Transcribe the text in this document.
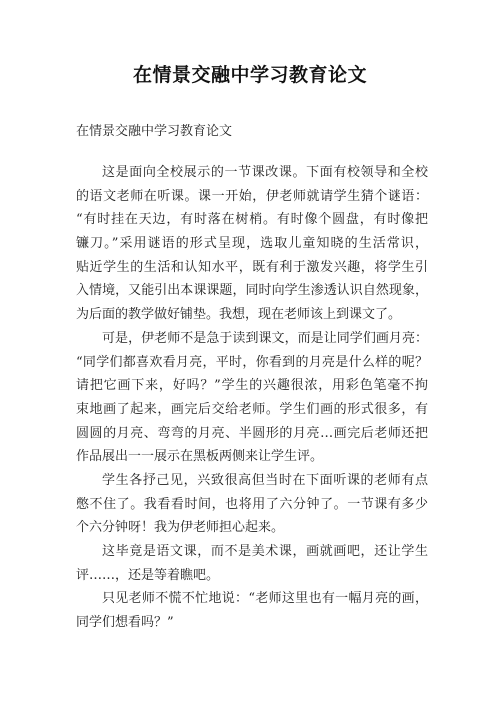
在情景交融中学习教育论文
在情景交融中学习教育论文

这是面向全校展示的一节课改课。下面有校领导和全校
的语文老师在听课。课一开始，伊老师就请学生猜个谜语：
“有时挂在天边，有时落在树梢。有时像个圆盘，有时像把
镰刀。”采用谜语的形式呈现，选取儿童知晓的生活常识，
贴近学生的生活和认知水平，既有利于激发兴趣，将学生引
入情境，又能引出本课课题，同时向学生渗透认识自然现象，
为后面的教学做好铺垫。我想，现在老师该上到课文了。

可是，伊老师不是急于读到课文，而是让同学们画月亮：
“同学们都喜欢看月亮，平时，你看到的月亮是什么样的呢？
请把它画下来，好吗？”学生的兴趣很浓，用彩色笔毫不拘
束地画了起来，画完后交给老师。学生们画的形式很多，有
圆圆的月亮、弯弯的月亮、半圆形的月亮…画完后老师还把
作品展出一一展示在黑板两侧来让学生评。

学生各抒己见，兴致很高但当时在下面听课的老师有点
憋不住了。我看看时间，也将用了六分钟了。一节课有多少
个六分钟呀！我为伊老师担心起来。

这毕竟是语文课，而不是美术课，画就画吧，还让学生
评……，还是等着瞧吧。

只见老师不慌不忙地说：“老师这里也有一幅月亮的画，
同学们想看吗？”
